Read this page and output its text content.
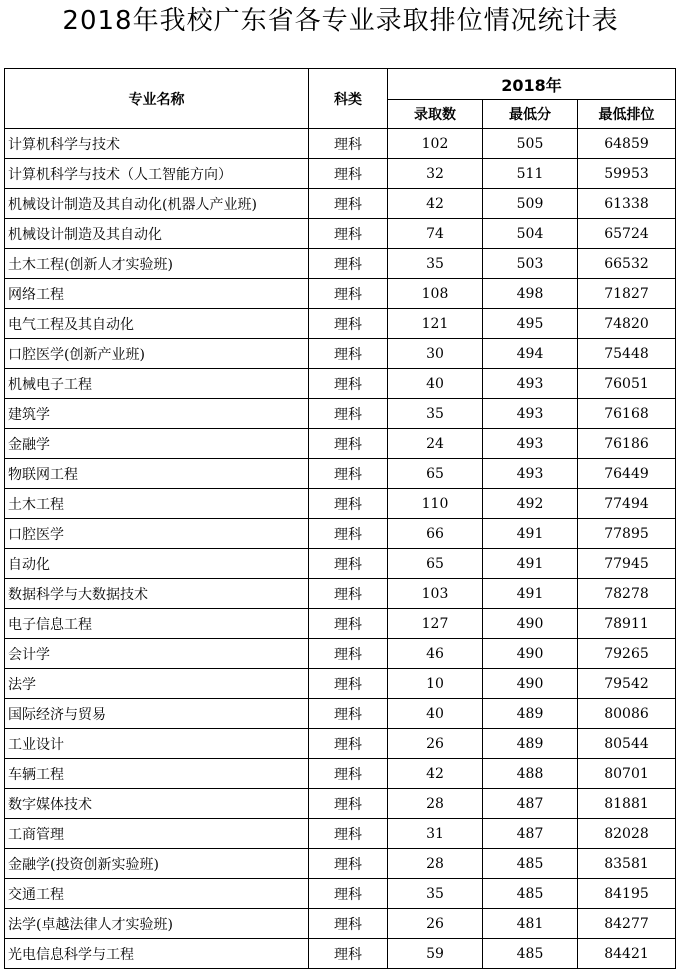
2018年我校广东省各专业录取排位情况统计表
专业名称	科类	2018年		
		录取数	最低分	最低排位
计算机科学与技术	理科	102	505	64859
计算机科学与技术（人工智能方向）	理科	32	511	59953
机械设计制造及其自动化(机器人产业班)	理科	42	509	61338
机械设计制造及其自动化	理科	74	504	65724
土木工程(创新人才实验班)	理科	35	503	66532
网络工程	理科	108	498	71827
电气工程及其自动化	理科	121	495	74820
口腔医学(创新产业班)	理科	30	494	75448
机械电子工程	理科	40	493	76051
建筑学	理科	35	493	76168
金融学	理科	24	493	76186
物联网工程	理科	65	493	76449
土木工程	理科	110	492	77494
口腔医学	理科	66	491	77895
自动化	理科	65	491	77945
数据科学与大数据技术	理科	103	491	78278
电子信息工程	理科	127	490	78911
会计学	理科	46	490	79265
法学	理科	10	490	79542
国际经济与贸易	理科	40	489	80086
工业设计	理科	26	489	80544
车辆工程	理科	42	488	80701
数字媒体技术	理科	28	487	81881
工商管理	理科	31	487	82028
金融学(投资创新实验班)	理科	28	485	83581
交通工程	理科	35	485	84195
法学(卓越法律人才实验班)	理科	26	481	84277
光电信息科学与工程	理科	59	485	84421
